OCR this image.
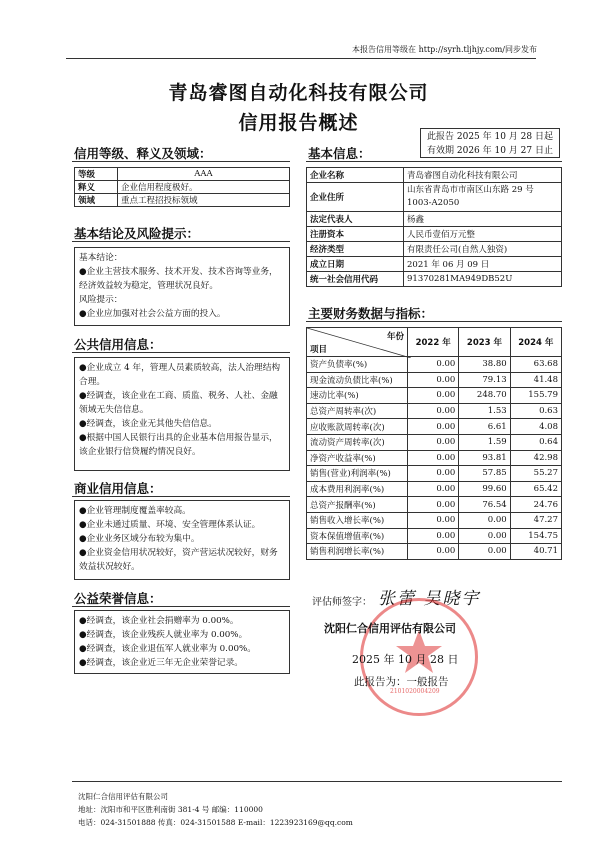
本报告信用等级在 http://syrh.tljhjy.com/同步发布
青岛睿图自动化科技有限公司
信用报告概述
此报告 2025 年 10 月 28 日起
有效期 2026 年 10 月 27 日止
信用等级、释义及领域：
等级	AAA
释义	企业信用程度极好。
领域	重点工程招投标领域
基本结论及风险提示：
基本结论：
●企业主营技术服务、技术开发、技术咨询等业务，经济效益较为稳定，管理状况良好。
风险提示：
●企业应加强对社会公益方面的投入。
公共信用信息：
●企业成立 4 年，管理人员素质较高，法人治理结构合理。
●经调查，该企业在工商、质监、税务、人社、金融领域无失信信息。
●经调查，该企业无其他失信信息。
●根据中国人民银行出具的企业基本信用报告显示，该企业银行信贷履约情况良好。
商业信用信息：
●企业管理制度覆盖率较高。
●企业未通过质量、环境、安全管理体系认证。
●企业业务区域分布较为集中。
●企业资金信用状况较好，资产营运状况较好，财务效益状况较好。
公益荣誉信息：
●经调查，该企业社会捐赠率为 0.00%。
●经调查，该企业残疾人就业率为 0.00%。
●经调查，该企业退伍军人就业率为 0.00%。
●经调查，该企业近三年无企业荣誉记录。
基本信息：
企业名称	青岛睿图自动化科技有限公司
企业住所	山东省青岛市市南区山东路 29 号 1003-A2050
法定代表人	杨鑫
注册资本	人民币壹佰万元整
经济类型	有限责任公司(自然人独资)
成立日期	2021 年 06 月 09 日
统一社会信用代码	91370281MA949DB52U
主要财务数据与指标：
年份
项目	2022 年	2023 年	2024 年
资产负债率(%)	0.00	38.80	63.68
现金流动负债比率(%)	0.00	79.13	41.48
速动比率(%)	0.00	248.70	155.79
总资产周转率(次)	0.00	1.53	0.63
应收账款周转率(次)	0.00	6.61	4.08
流动资产周转率(次)	0.00	1.59	0.64
净资产收益率(%)	0.00	93.81	42.98
销售(营业)利润率(%)	0.00	57.85	55.27
成本费用利润率(%)	0.00	99.60	65.42
总资产报酬率(%)	0.00	76.54	24.76
销售收入增长率(%)	0.00	0.00	47.27
资本保值增值率(%)	0.00	0.00	154.75
销售利润增长率(%)	0.00	0.00	40.71
评估师签字： 张蕾 吴晓宇
2101020004209
沈阳仁合信用评估有限公司
2025 年 10 月 28 日
此报告为：一般报告
沈阳仁合信用评估有限公司
地址：沈阳市和平区胜利南街 381-4 号 邮编：110000
电话：024-31501888 传真：024-31501588 E-mail：1223923169@qq.com
